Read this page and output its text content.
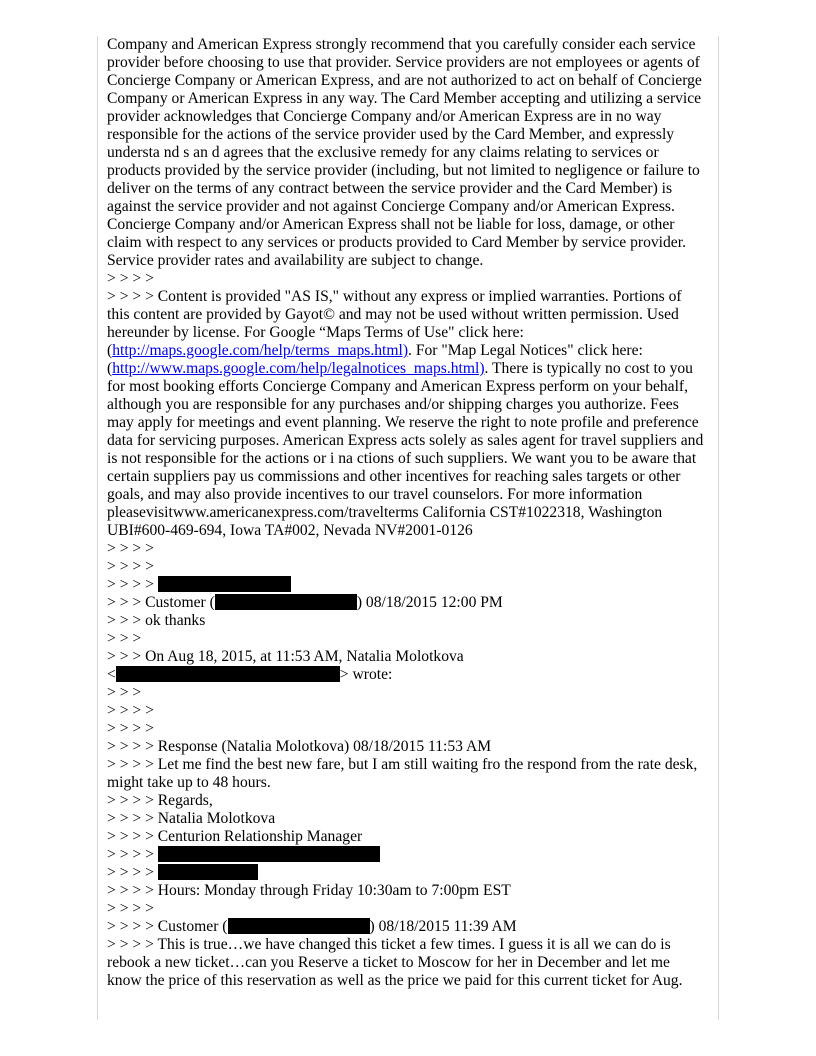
Company and American Express strongly recommend that you carefully consider each service provider before choosing to use that provider. Service providers are not employees or agents of Concierge Company or American Express, and are not authorized to act on behalf of Concierge Company or American Express in any way. The Card Member accepting and utilizing a service provider acknowledges that Concierge Company and/or American Express are in no way responsible for the actions of the service provider used by the Card Member, and expressly understa nd s an d agrees that the exclusive remedy for any claims relating to services or products provided by the service provider (including, but not limited to negligence or failure to deliver on the terms of any contract between the service provider and the Card Member) is against the service provider and not against Concierge Company and/or American Express. Concierge Company and/or American Express shall not be liable for loss, damage, or other claim with respect to any services or products provided to Card Member by service provider. Service provider rates and availability are subject to change.

> > > >

> > > > Content is provided "AS IS," without any express or implied warranties. Portions of this content are provided by Gayot© and may not be used without written permission. Used hereunder by license. For Google “Maps Terms of Use" click here: (http://maps.google.com/help/terms_maps.html). For "Map Legal Notices" click here: (http://www.maps.google.com/help/legalnotices_maps.html). There is typically no cost to you for most booking efforts Concierge Company and American Express perform on your behalf, although you are responsible for any purchases and/or shipping charges you authorize. Fees may apply for meetings and event planning. We reserve the right to note profile and preference data for servicing purposes. American Express acts solely as sales agent for travel suppliers and is not responsible for the actions or i na ctions of such suppliers. We want you to be aware that certain suppliers pay us commissions and other incentives for reaching sales targets or other goals, and may also provide incentives to our travel counselors. For more information pleasevisitwww.americanexpress.com/travelterms California CST#1022318, Washington UBI#600-469-694, Iowa TA#002, Nevada NV#2001-0126

> > > >

> > > >

> > > >

> > > Customer (	) 08/18/2015 12:00 PM

> > > ok thanks

> > >

> > > On Aug 18, 2015, at 11:53 AM, Natalia Molotkova

<	> wrote:

> > >

> > > >

> > > >

> > > > Response (Natalia Molotkova) 08/18/2015 11:53 AM

> > > > Let me find the best new fare, but I am still waiting fro the respond from the rate desk, might take up to 48 hours.

> > > > Regards,

> > > > Natalia Molotkova

> > > > Centurion Relationship Manager

> > > >

> > > >

> > > > Hours: Monday through Friday 10:30am to 7:00pm EST

> > > >

> > > > Customer (	) 08/18/2015 11:39 AM

> > > > This is true…we have changed this ticket a few times. I guess it is all we can do is rebook a new ticket…can you Reserve a ticket to Moscow for her in December and let me know the price of this reservation as well as the price we paid for this current ticket for Aug.
